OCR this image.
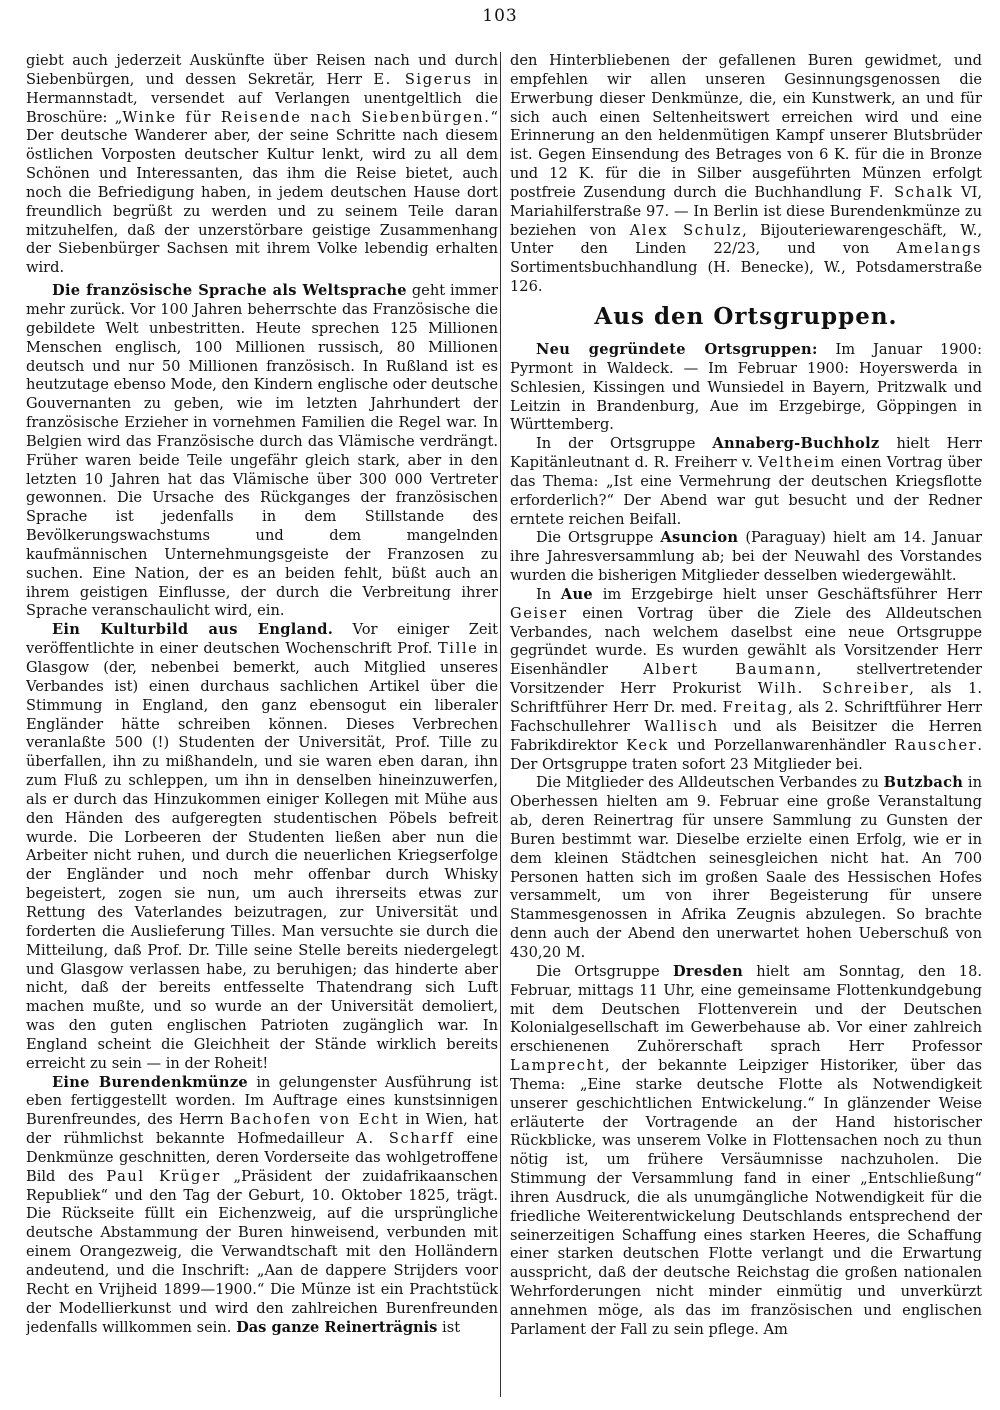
103

giebt auch jederzeit Auskünfte über Reisen nach und durch Siebenbürgen, und dessen Sekretär, Herr E. Sigerus in Hermannstadt, versendet auf Verlangen unentgeltlich die Broschüre: „Winke für Reisende nach Siebenbürgen.“ Der deutsche Wanderer aber, der seine Schritte nach diesem östlichen Vorposten deutscher Kultur lenkt, wird zu all dem Schönen und Interessanten, das ihm die Reise bietet, auch noch die Befriedigung haben, in jedem deutschen Hause dort freundlich begrüßt zu werden und zu seinem Teile daran mitzuhelfen, daß der unzerstörbare geistige Zusammenhang der Siebenbürger Sachsen mit ihrem Volke lebendig erhalten wird.

Die französische Sprache als Weltsprache geht immer mehr zurück. Vor 100 Jahren beherrschte das Französische die gebildete Welt unbestritten. Heute sprechen 125 Millionen Menschen englisch, 100 Millionen russisch, 80 Millionen deutsch und nur 50 Millionen französisch. In Rußland ist es heutzutage ebenso Mode, den Kindern englische oder deutsche Gouvernanten zu geben, wie im letzten Jahrhundert der französische Erzieher in vornehmen Familien die Regel war. In Belgien wird das Französische durch das Vlämische verdrängt. Früher waren beide Teile ungefähr gleich stark, aber in den letzten 10 Jahren hat das Vlämische über 300 000 Vertreter gewonnen. Die Ursache des Rückganges der französischen Sprache ist jedenfalls in dem Stillstande des Bevölkerungswachstums und dem mangelnden kaufmännischen Unternehmungsgeiste der Franzosen zu suchen. Eine Nation, der es an beiden fehlt, büßt auch an ihrem geistigen Einflusse, der durch die Verbreitung ihrer Sprache veranschaulicht wird, ein.

Ein Kulturbild aus England. Vor einiger Zeit veröffentlichte in einer deutschen Wochenschrift Prof. Tille in Glasgow (der, nebenbei bemerkt, auch Mitglied unseres Verbandes ist) einen durchaus sachlichen Artikel über die Stimmung in England, den ganz ebensogut ein liberaler Engländer hätte schreiben können. Dieses Verbrechen veranlaßte 500 (!) Studenten der Universität, Prof. Tille zu überfallen, ihn zu mißhandeln, und sie waren eben daran, ihn zum Fluß zu schleppen, um ihn in denselben hineinzuwerfen, als er durch das Hinzukommen einiger Kollegen mit Mühe aus den Händen des aufgeregten studentischen Pöbels befreit wurde. Die Lorbeeren der Studenten ließen aber nun die Arbeiter nicht ruhen, und durch die neuerlichen Kriegserfolge der Engländer und noch mehr offenbar durch Whisky begeistert, zogen sie nun, um auch ihrerseits etwas zur Rettung des Vaterlandes beizutragen, zur Universität und forderten die Auslieferung Tilles. Man versuchte sie durch die Mitteilung, daß Prof. Dr. Tille seine Stelle bereits niedergelegt und Glasgow verlassen habe, zu beruhigen; das hinderte aber nicht, daß der bereits entfesselte Thatendrang sich Luft machen mußte, und so wurde an der Universität demoliert, was den guten englischen Patrioten zugänglich war. In England scheint die Gleichheit der Stände wirklich bereits erreicht zu sein — in der Roheit!

Eine Burendenkmünze in gelungenster Ausführung ist eben fertiggestellt worden. Im Auftrage eines kunstsinnigen Burenfreundes, des Herrn Bachofen von Echt in Wien, hat der rühmlichst bekannte Hofmedailleur A. Scharff eine Denkmünze geschnitten, deren Vorderseite das wohlgetroffene Bild des Paul Krüger „Präsident der zuidafrikaanschen Republiek“ und den Tag der Geburt, 10. Oktober 1825, trägt. Die Rückseite füllt ein Eichenzweig, auf die ursprüngliche deutsche Abstammung der Buren hinweisend, verbunden mit einem Orangezweig, die Verwandtschaft mit den Holländern andeutend, und die Inschrift: „Aan de dappere Strijders voor Recht en Vrijheid 1899—1900.“ Die Münze ist ein Prachtstück der Modellierkunst und wird den zahlreichen Burenfreunden jedenfalls willkommen sein. Das ganze Reinerträgnis ist

den Hinterbliebenen der gefallenen Buren gewidmet, und empfehlen wir allen unseren Gesinnungsgenossen die Erwerbung dieser Denkmünze, die, ein Kunstwerk, an und für sich auch einen Seltenheitswert erreichen wird und eine Erinnerung an den heldenmütigen Kampf unserer Blutsbrüder ist. Gegen Einsendung des Betrages von 6 K. für die in Bronze und 12 K. für die in Silber ausgeführten Münzen erfolgt postfreie Zusendung durch die Buchhandlung F. Schalk VI, Mariahilferstraße 97. — In Berlin ist diese Burendenkmünze zu beziehen von Alex Schulz, Bijouteriewarengeschäft, W., Unter den Linden 22/23, und von Amelangs Sortimentsbuchhandlung (H. Benecke), W., Potsdamerstraße 126.

Aus den Ortsgruppen.

Neu gegründete Ortsgruppen: Im Januar 1900: Pyrmont in Waldeck. — Im Februar 1900: Hoyerswerda in Schlesien, Kissingen und Wunsiedel in Bayern, Pritzwalk und Leitzin in Brandenburg, Aue im Erzgebirge, Göppingen in Württemberg.

In der Ortsgruppe Annaberg-Buchholz hielt Herr Kapitänleutnant d. R. Freiherr v. Veltheim einen Vortrag über das Thema: „Ist eine Vermehrung der deutschen Kriegsflotte erforderlich?“ Der Abend war gut besucht und der Redner erntete reichen Beifall.

Die Ortsgruppe Asuncion (Paraguay) hielt am 14. Januar ihre Jahresversammlung ab; bei der Neuwahl des Vorstandes wurden die bisherigen Mitglieder desselben wiedergewählt.

In Aue im Erzgebirge hielt unser Geschäftsführer Herr Geiser einen Vortrag über die Ziele des Alldeutschen Verbandes, nach welchem daselbst eine neue Ortsgruppe gegründet wurde. Es wurden gewählt als Vorsitzender Herr Eisenhändler Albert Baumann, stellvertretender Vorsitzender Herr Prokurist Wilh. Schreiber, als 1. Schriftführer Herr Dr. med. Freitag, als 2. Schriftführer Herr Fachschullehrer Wallisch und als Beisitzer die Herren Fabrikdirektor Keck und Porzellanwarenhändler Rauscher. Der Ortsgruppe traten sofort 23 Mitglieder bei.

Die Mitglieder des Alldeutschen Verbandes zu Butzbach in Oberhessen hielten am 9. Februar eine große Veranstaltung ab, deren Reinertrag für unsere Sammlung zu Gunsten der Buren bestimmt war. Dieselbe erzielte einen Erfolg, wie er in dem kleinen Städtchen seinesgleichen nicht hat. An 700 Personen hatten sich im großen Saale des Hessischen Hofes versammelt, um von ihrer Begeisterung für unsere Stammesgenossen in Afrika Zeugnis abzulegen. So brachte denn auch der Abend den unerwartet hohen Ueberschuß von 430,20 M.

Die Ortsgruppe Dresden hielt am Sonntag, den 18. Februar, mittags 11 Uhr, eine gemeinsame Flottenkundgebung mit dem Deutschen Flottenverein und der Deutschen Kolonialgesellschaft im Gewerbehause ab. Vor einer zahlreich erschienenen Zuhörerschaft sprach Herr Professor Lamprecht, der bekannte Leipziger Historiker, über das Thema: „Eine starke deutsche Flotte als Notwendigkeit unserer geschichtlichen Entwickelung.“ In glänzender Weise erläuterte der Vortragende an der Hand historischer Rückblicke, was unserem Volke in Flottensachen noch zu thun nötig ist, um frühere Versäumnisse nachzuholen. Die Stimmung der Versammlung fand in einer „Entschließung“ ihren Ausdruck, die als unumgängliche Notwendigkeit für die friedliche Weiterentwickelung Deutschlands entsprechend der seinerzeitigen Schaffung eines starken Heeres, die Schaffung einer starken deutschen Flotte verlangt und die Erwartung ausspricht, daß der deutsche Reichstag die großen nationalen Wehrforderungen nicht minder einmütig und unverkürzt annehmen möge, als das im französischen und englischen Parlament der Fall zu sein pflege. Am
